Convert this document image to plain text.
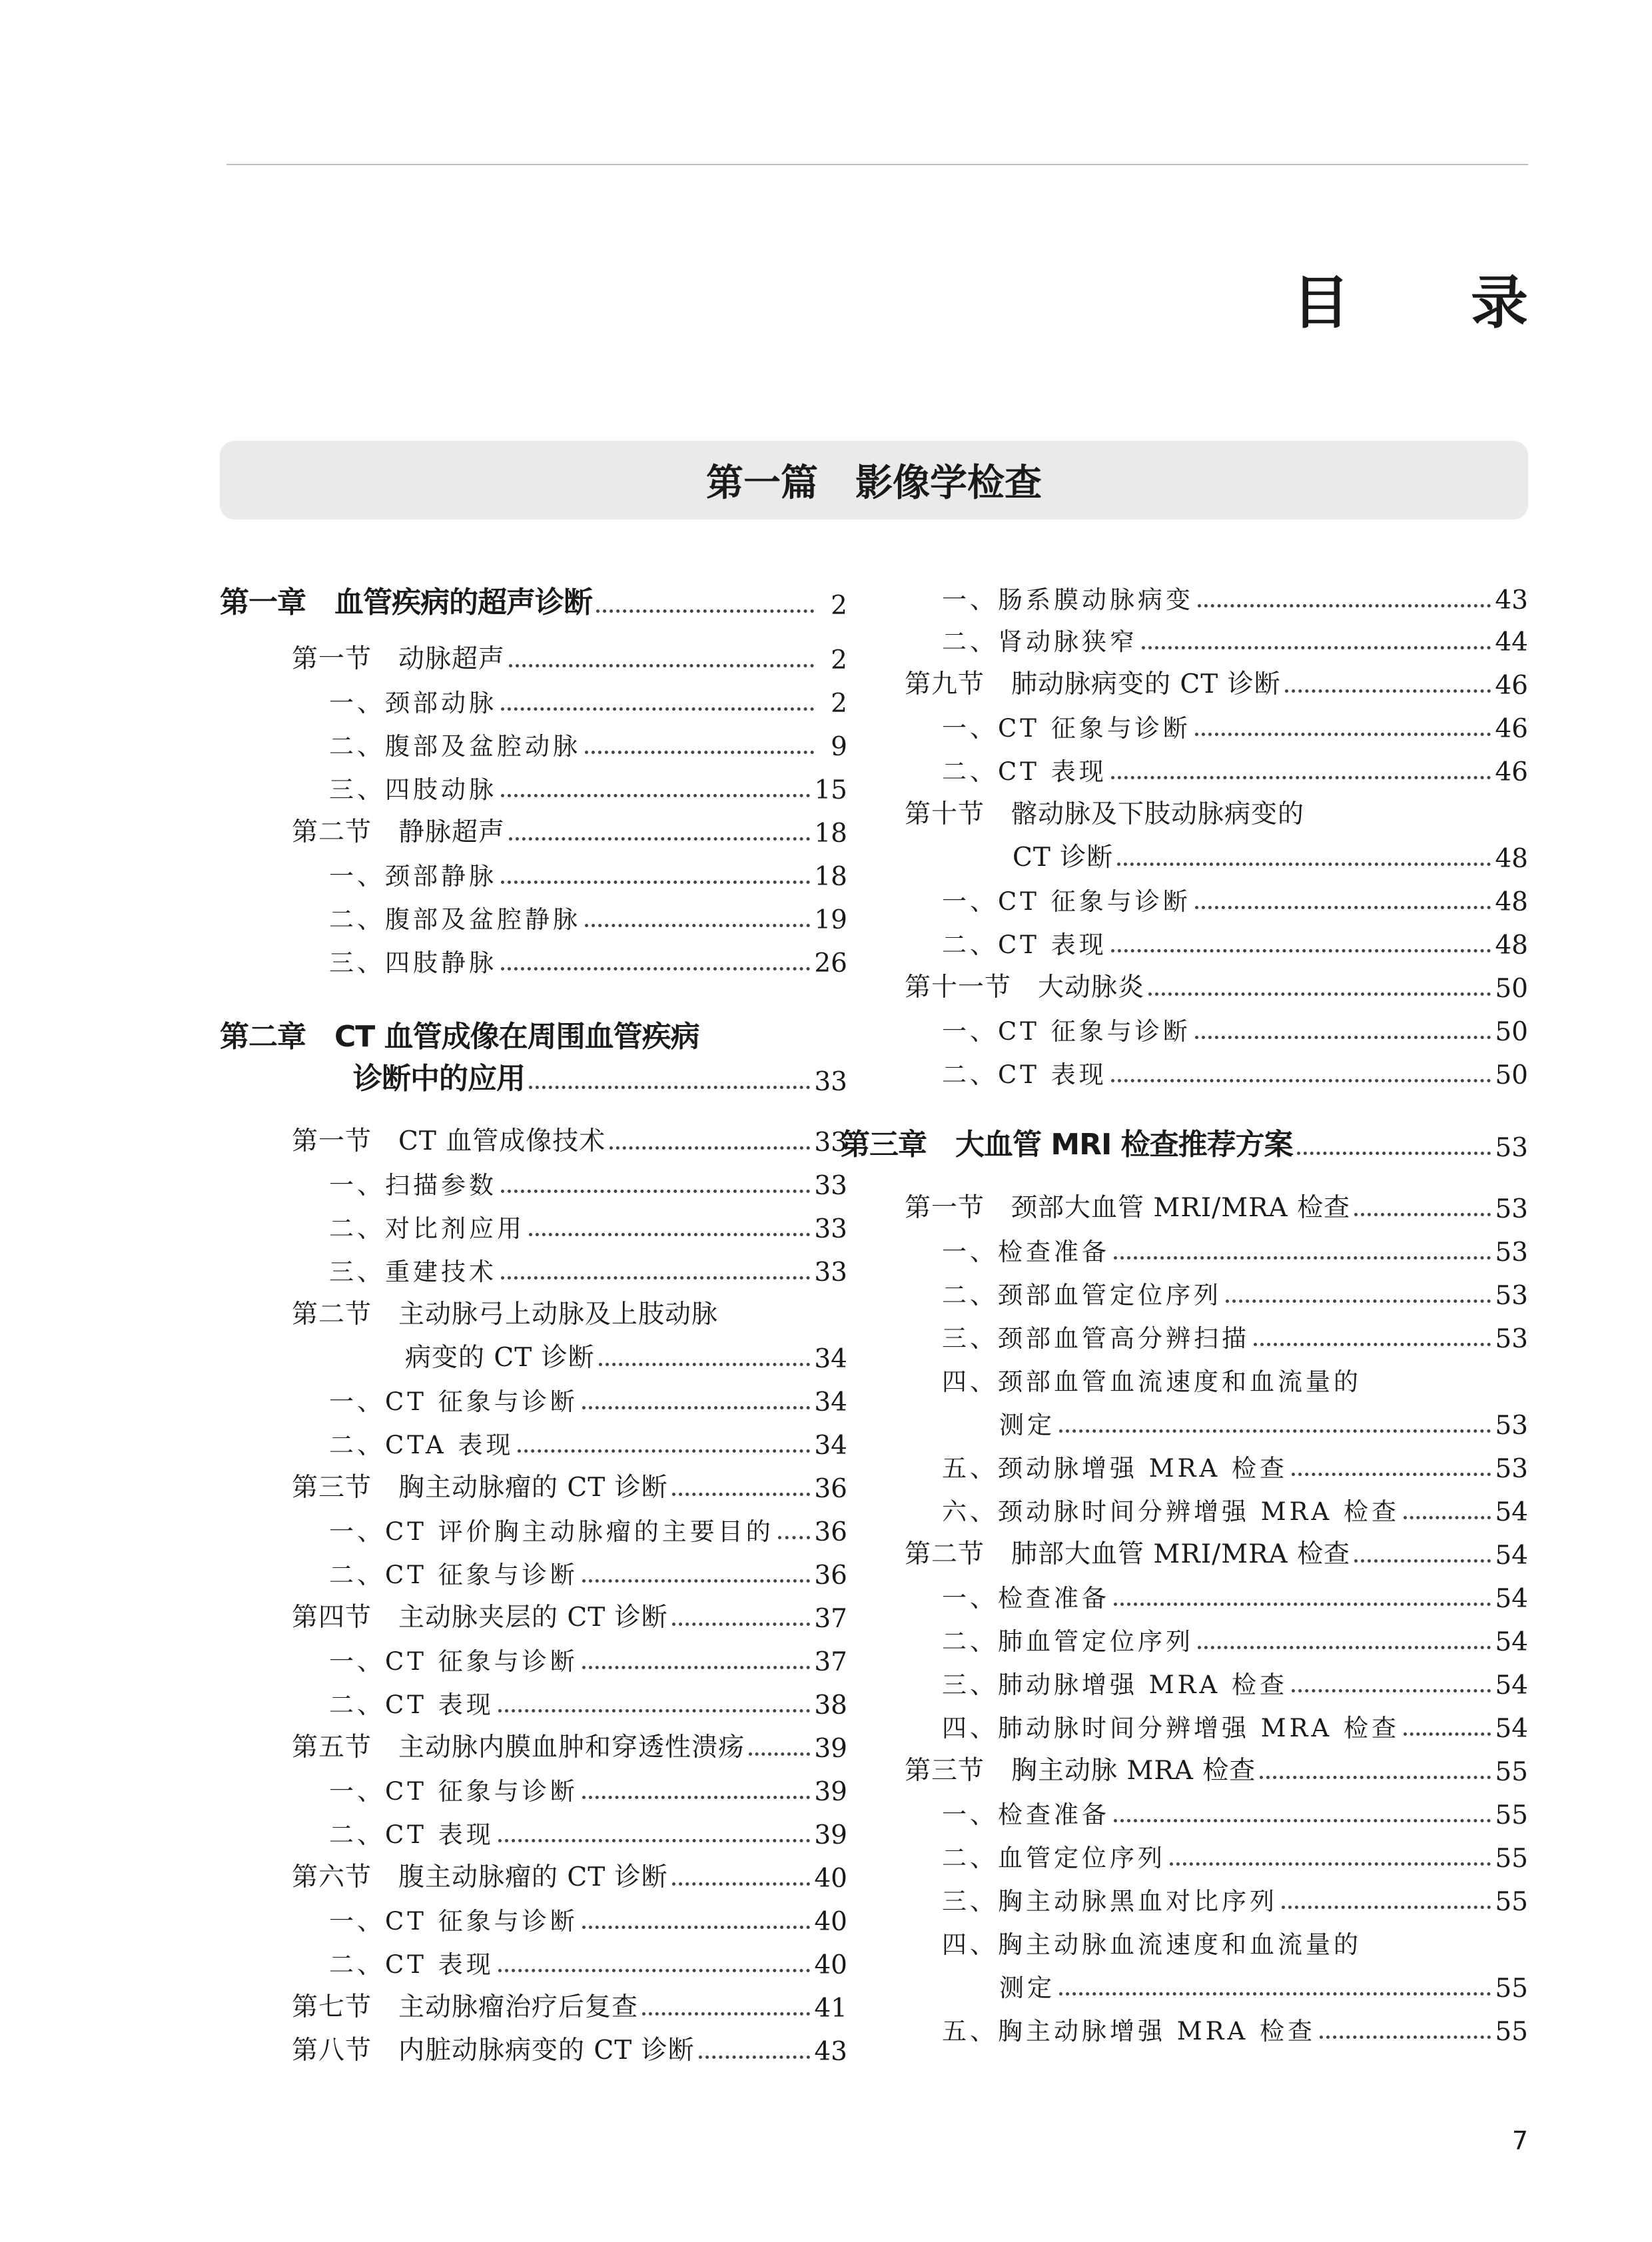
目　录
第一篇　影像学检查
第一章　血管疾病的超声诊断	2
第一节　动脉超声	2
一、颈部动脉	2
二、腹部及盆腔动脉	9
三、四肢动脉	15
第二节　静脉超声	18
一、颈部静脉	18
二、腹部及盆腔静脉	19
三、四肢静脉	26
第二章　CT 血管成像在周围血管疾病
诊断中的应用	33
第一节　CT 血管成像技术	33
一、扫描参数	33
二、对比剂应用	33
三、重建技术	33
第二节　主动脉弓上动脉及上肢动脉
病变的 CT 诊断	34
一、CT 征象与诊断	34
二、CTA 表现	34
第三节　胸主动脉瘤的 CT 诊断	36
一、CT 评价胸主动脉瘤的主要目的 36
二、CT 征象与诊断	36
第四节　主动脉夹层的 CT 诊断	37
一、CT 征象与诊断	37
二、CT 表现	38
第五节　主动脉内膜血肿和穿透性溃疡	39
一、CT 征象与诊断	39
二、CT 表现	39
第六节　腹主动脉瘤的 CT 诊断	40
一、CT 征象与诊断	40
二、CT 表现	40
第七节　主动脉瘤治疗后复查	41
第八节　内脏动脉病变的 CT 诊断	43
一、肠系膜动脉病变	43
二、肾动脉狭窄	44
第九节　肺动脉病变的 CT 诊断	46
一、CT 征象与诊断	46
二、CT 表现	46
第十节　髂动脉及下肢动脉病变的
CT 诊断	48
一、CT 征象与诊断	48
二、CT 表现	48
第十一节　大动脉炎	50
一、CT 征象与诊断	50
二、CT 表现	50
第三章　大血管 MRI 检查推荐方案	53
第一节　颈部大血管 MRI/MRA 检查	53
一、检查准备	53
二、颈部血管定位序列	53
三、颈部血管高分辨扫描	53
四、颈部血管血流速度和血流量的
测定	53
五、颈动脉增强 MRA 检查	53
六、颈动脉时间分辨增强 MRA 检查	54
第二节　肺部大血管 MRI/MRA 检查	54
一、检查准备	54
二、肺血管定位序列	54
三、肺动脉增强 MRA 检查	54
四、肺动脉时间分辨增强 MRA 检查	54
第三节　胸主动脉 MRA 检查	55
一、检查准备	55
二、血管定位序列	55
三、胸主动脉黑血对比序列	55
四、胸主动脉血流速度和血流量的
测定	55
五、胸主动脉增强 MRA 检查	55
7
